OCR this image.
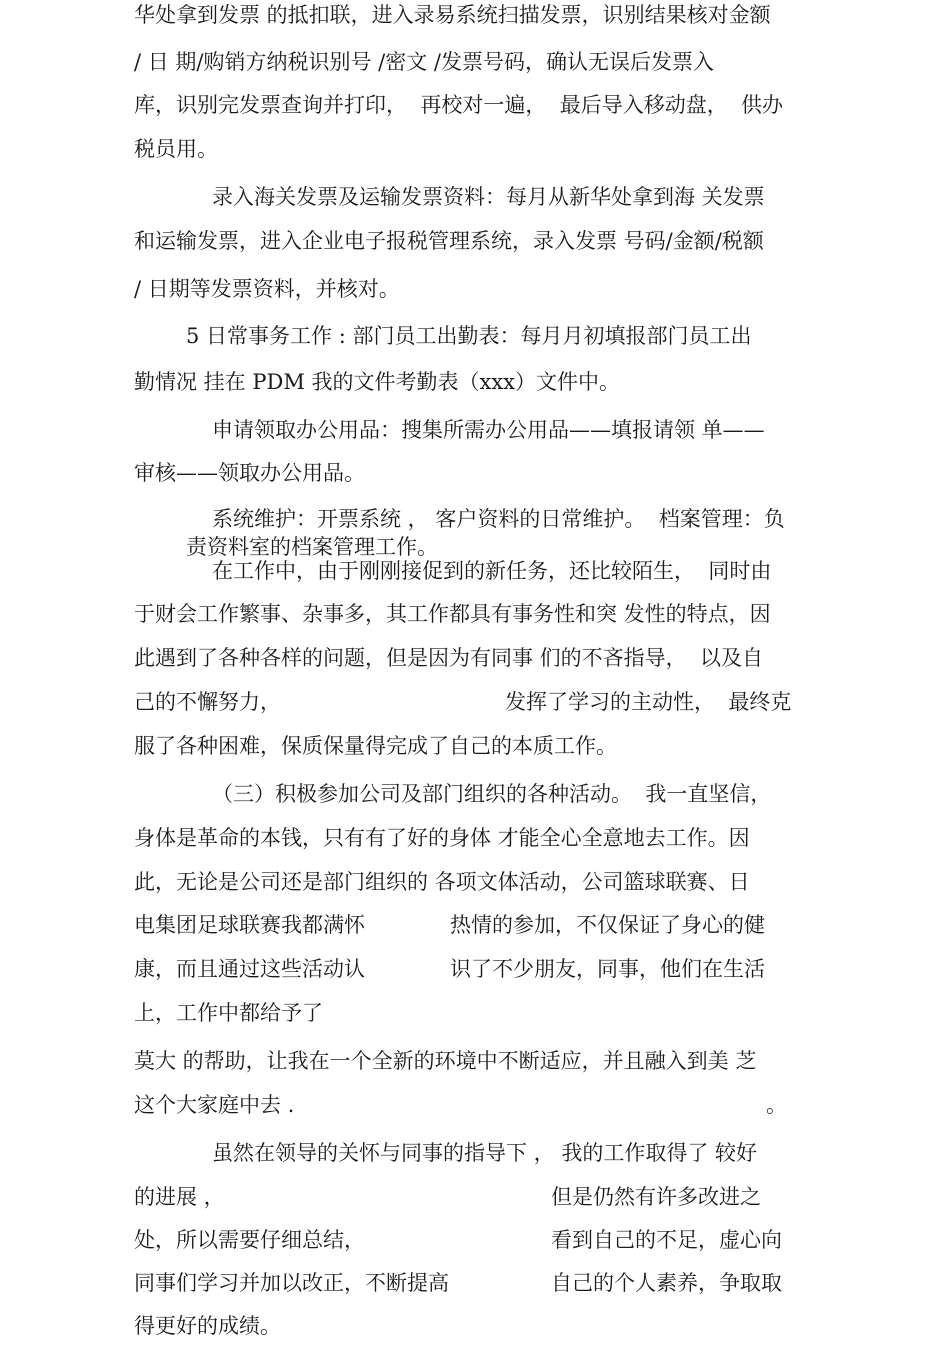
华处拿到发票 的抵扣联，进入录易系统扫描发票，识别结果核对金额
/ 日 期/购销方纳税识别号 /密文 /发票号码，确认无误后发票入
库，识别完发票查询并打印，  再校对一遍，  最后导入移动盘，  供办
税员用。
录入海关发票及运输发票资料：每月从新华处拿到海 关发票
和运输发票，进入企业电子报税管理系统，录入发票 号码/金额/税额
/ 日期等发票资料，并核对。
5 日常事务工作 : 部门员工出勤表：每月月初填报部门员工出
勤情况 挂在 PDM 我的文件考勤表（xxx）文件中。
申请领取办公用品：搜集所需办公用品——填报请领 单——
审核——领取办公用品。
系统维护：开票系统 ， 客户资料的日常维护。  档案管理：负
责资料室的档案管理工作。
在工作中，由于刚刚接促到的新任务，还比较陌生，  同时由
于财会工作繁事、杂事多，其工作都具有事务性和突 发性的特点，因
此遇到了各种各样的问题，但是因为有同事 们的不吝指导，  以及自
己的不懈努力，	发挥了学习的主动性，  最终克
服了各种困难，保质保量得完成了自己的本质工作。
（三）积极参加公司及部门组织的各种活动。  我一直坚信，
身体是革命的本钱，只有有了好的身体 才能全心全意地去工作。因
此，无论是公司还是部门组织的 各项文体活动，公司篮球联赛、日
电集团足球联赛我都满怀	热情的参加，不仅保证了身心的健
康，而且通过这些活动认	识了不少朋友，同事，他们在生活
上，工作中都给予了
莫大 的帮助，让我在一个全新的环境中不断适应，并且融入到美 芝
这个大家庭中去 .	。
虽然在领导的关怀与同事的指导下 ， 我的工作取得了 较好
的进展 ，	但是仍然有许多改进之
处，所以需要仔细总结，	看到自己的不足，虚心向
同事们学习并加以改正，不断提高	自己的个人素养，争取取
得更好的成绩。
